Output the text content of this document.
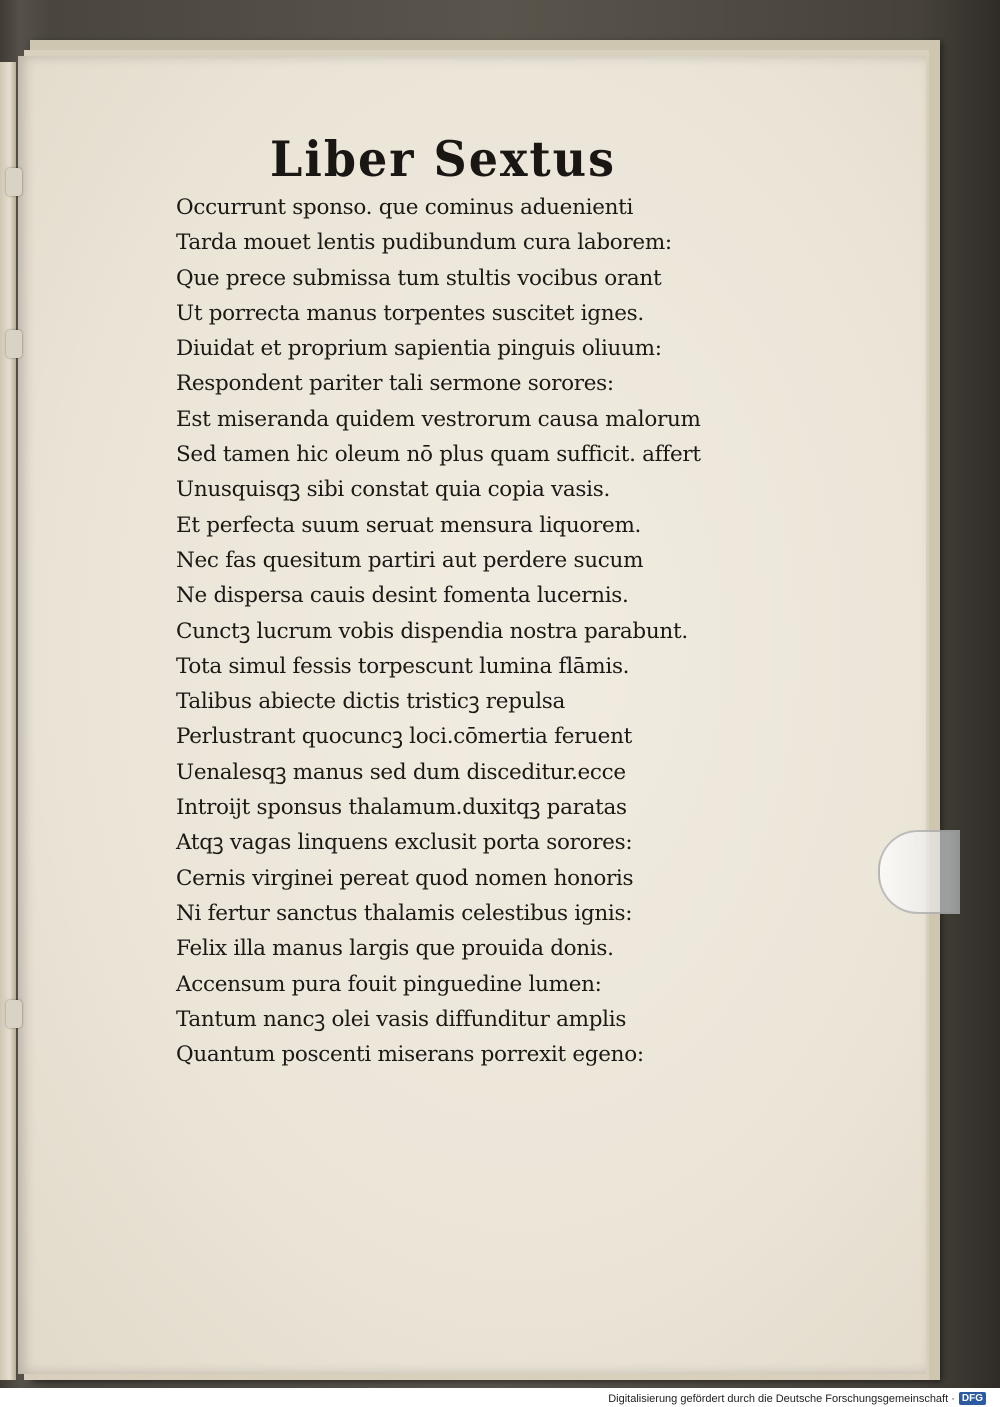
Liber Sextus
Occurrunt sponso. que cominus aduenienti
Tarda mouet lentis pudibundum cura laborem:
Que prece submissa tum stultis vocibus orant
Ut porrecta manus torpentes suscitet ignes.
Diuidat et proprium sapientia pinguis oliuum:
Respondent pariter tali sermone sorores:
Est miseranda quidem vestrorum causa malorum
Sed tamen hic oleum nō plus quam sufficit. affert
Unusquisqꝫ sibi constat quia copia vasis.
Et perfecta suum seruat mensura liquorem.
Nec fas quesitum partiri aut perdere sucum
Ne dispersa cauis desint fomenta lucernis.
Cunctꝫ lucrum vobis dispendia nostra parabunt.
Tota simul fessis torpescunt lumina flāmis.
Talibus abiecte dictis tristicꝫ repulsa
Perlustrant quocuncꝫ loci.cōmertia feruent
Uenalesqꝫ manus sed dum disceditur.ecce
Introijt sponsus thalamum.duxitqꝫ paratas
Atqꝫ vagas linquens exclusit porta sorores:
Cernis virginei pereat quod nomen honoris
Ni fertur sanctus thalamis celestibus ignis:
Felix illa manus largis que prouida donis.
Accensum pura fouit pinguedine lumen:
Tantum nancꝫ olei vasis diffunditur amplis
Quantum poscenti miserans porrexit egeno:

Digitalisierung gefördert durch die Deutsche Forschungsgemeinschaft · DFG
